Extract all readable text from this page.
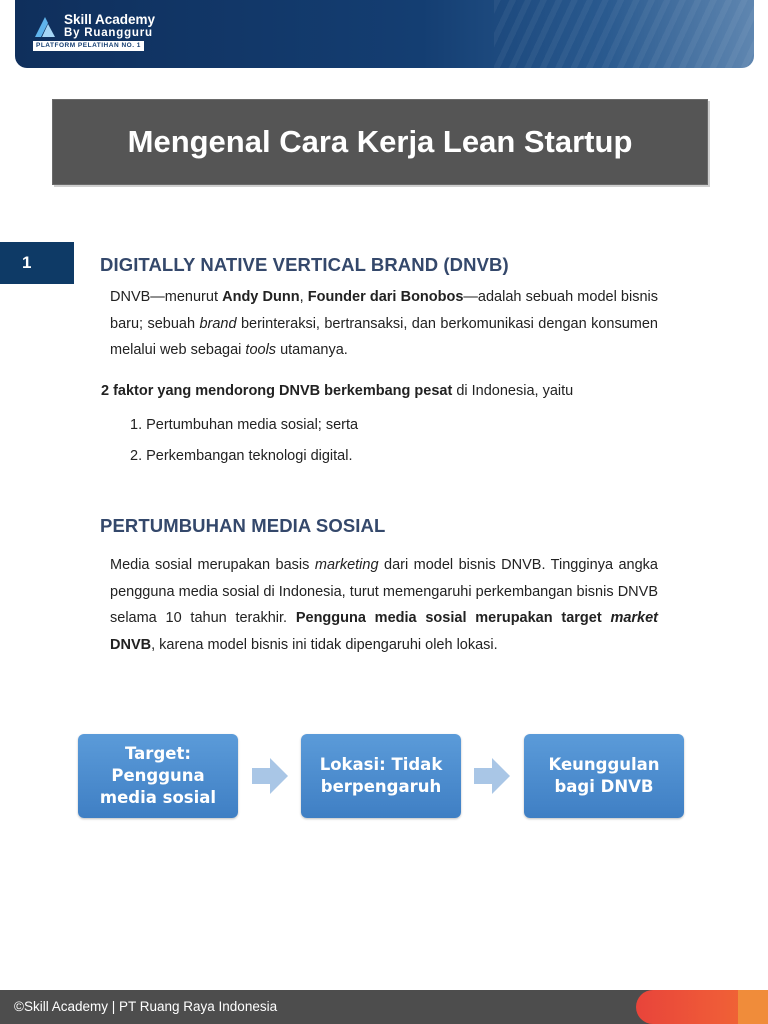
Skill Academy
By Ruangguru
PLATFORM PELATIHAN NO. 1
Mengenal Cara Kerja Lean Startup
1	DIGITALLY NATIVE VERTICAL BRAND (DNVB)
DNVB—menurut Andy Dunn, Founder dari Bonobos—adalah sebuah model bisnis baru; sebuah brand berinteraksi, bertransaksi, dan berkomunikasi dengan konsumen melalui web sebagai tools utamanya.
2 faktor yang mendorong DNVB berkembang pesat di Indonesia, yaitu
1. Pertumbuhan media sosial; serta
2. Perkembangan teknologi digital.
PERTUMBUHAN MEDIA SOSIAL
Media sosial merupakan basis marketing dari model bisnis DNVB. Tingginya angka pengguna media sosial di Indonesia, turut memengaruhi perkembangan bisnis DNVB selama 10 tahun terakhir. Pengguna media sosial merupakan target market DNVB, karena model bisnis ini tidak dipengaruhi oleh lokasi.
Target: Pengguna media sosial
Lokasi: Tidak berpengaruh
Keunggulan bagi DNVB
©Skill Academy | PT Ruang Raya Indonesia
